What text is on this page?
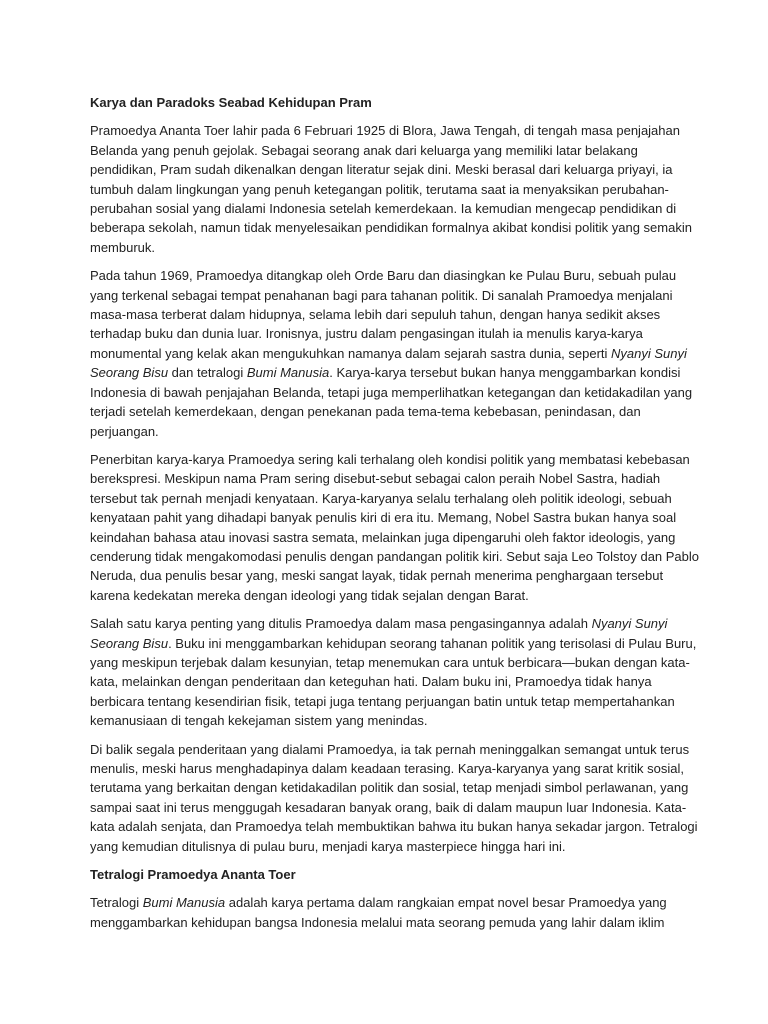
Karya dan Paradoks Seabad Kehidupan Pram
Pramoedya Ananta Toer lahir pada 6 Februari 1925 di Blora, Jawa Tengah, di tengah masa penjajahan
Belanda yang penuh gejolak. Sebagai seorang anak dari keluarga yang memiliki latar belakang
pendidikan, Pram sudah dikenalkan dengan literatur sejak dini. Meski berasal dari keluarga priyayi, ia
tumbuh dalam lingkungan yang penuh ketegangan politik, terutama saat ia menyaksikan perubahan-
perubahan sosial yang dialami Indonesia setelah kemerdekaan. Ia kemudian mengecap pendidikan di
beberapa sekolah, namun tidak menyelesaikan pendidikan formalnya akibat kondisi politik yang semakin
memburuk.
Pada tahun 1969, Pramoedya ditangkap oleh Orde Baru dan diasingkan ke Pulau Buru, sebuah pulau
yang terkenal sebagai tempat penahanan bagi para tahanan politik. Di sanalah Pramoedya menjalani
masa-masa terberat dalam hidupnya, selama lebih dari sepuluh tahun, dengan hanya sedikit akses
terhadap buku dan dunia luar. Ironisnya, justru dalam pengasingan itulah ia menulis karya-karya
monumental yang kelak akan mengukuhkan namanya dalam sejarah sastra dunia, seperti Nyanyi Sunyi
Seorang Bisu dan tetralogi Bumi Manusia. Karya-karya tersebut bukan hanya menggambarkan kondisi
Indonesia di bawah penjajahan Belanda, tetapi juga memperlihatkan ketegangan dan ketidakadilan yang
terjadi setelah kemerdekaan, dengan penekanan pada tema-tema kebebasan, penindasan, dan
perjuangan.
Penerbitan karya-karya Pramoedya sering kali terhalang oleh kondisi politik yang membatasi kebebasan
berekspresi. Meskipun nama Pram sering disebut-sebut sebagai calon peraih Nobel Sastra, hadiah
tersebut tak pernah menjadi kenyataan. Karya-karyanya selalu terhalang oleh politik ideologi, sebuah
kenyataan pahit yang dihadapi banyak penulis kiri di era itu. Memang, Nobel Sastra bukan hanya soal
keindahan bahasa atau inovasi sastra semata, melainkan juga dipengaruhi oleh faktor ideologis, yang
cenderung tidak mengakomodasi penulis dengan pandangan politik kiri. Sebut saja Leo Tolstoy dan Pablo
Neruda, dua penulis besar yang, meski sangat layak, tidak pernah menerima penghargaan tersebut
karena kedekatan mereka dengan ideologi yang tidak sejalan dengan Barat.
Salah satu karya penting yang ditulis Pramoedya dalam masa pengasingannya adalah Nyanyi Sunyi
Seorang Bisu. Buku ini menggambarkan kehidupan seorang tahanan politik yang terisolasi di Pulau Buru,
yang meskipun terjebak dalam kesunyian, tetap menemukan cara untuk berbicara—bukan dengan kata-
kata, melainkan dengan penderitaan dan keteguhan hati. Dalam buku ini, Pramoedya tidak hanya
berbicara tentang kesendirian fisik, tetapi juga tentang perjuangan batin untuk tetap mempertahankan
kemanusiaan di tengah kekejaman sistem yang menindas.
Di balik segala penderitaan yang dialami Pramoedya, ia tak pernah meninggalkan semangat untuk terus
menulis, meski harus menghadapinya dalam keadaan terasing. Karya-karyanya yang sarat kritik sosial,
terutama yang berkaitan dengan ketidakadilan politik dan sosial, tetap menjadi simbol perlawanan, yang
sampai saat ini terus menggugah kesadaran banyak orang, baik di dalam maupun luar Indonesia. Kata-
kata adalah senjata, dan Pramoedya telah membuktikan bahwa itu bukan hanya sekadar jargon. Tetralogi
yang kemudian ditulisnya di pulau buru, menjadi karya masterpiece hingga hari ini.
Tetralogi Pramoedya Ananta Toer
Tetralogi Bumi Manusia adalah karya pertama dalam rangkaian empat novel besar Pramoedya yang
menggambarkan kehidupan bangsa Indonesia melalui mata seorang pemuda yang lahir dalam iklim
